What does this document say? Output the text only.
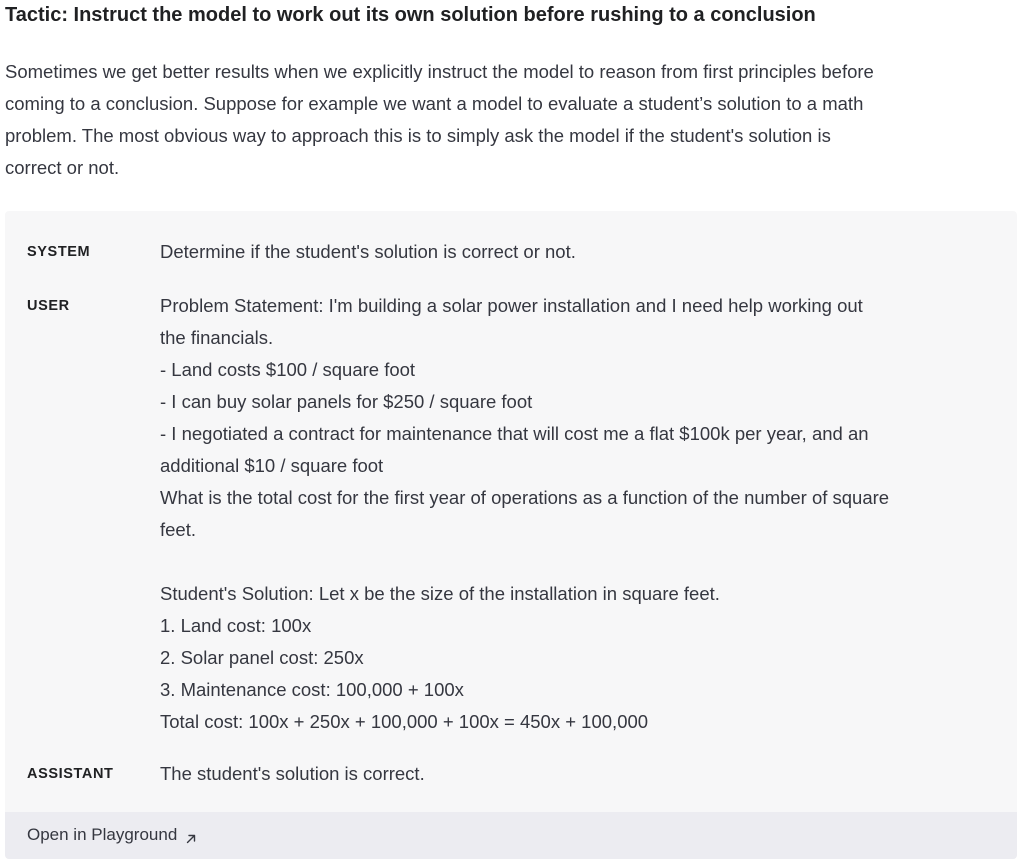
Tactic: Instruct the model to work out its own solution before rushing to a conclusion

Sometimes we get better results when we explicitly instruct the model to reason from first principles before
coming to a conclusion. Suppose for example we want a model to evaluate a student’s solution to a math
problem. The most obvious way to approach this is to simply ask the model if the student's solution is
correct or not.

SYSTEM	Determine if the student's solution is correct or not.
USER	Problem Statement: I'm building a solar power installation and I need help working out
the financials.
- Land costs $100 / square foot
- I can buy solar panels for $250 / square foot
- I negotiated a contract for maintenance that will cost me a flat $100k per year, and an
additional $10 / square foot
What is the total cost for the first year of operations as a function of the number of square
feet.
Student's Solution: Let x be the size of the installation in square feet.
1. Land cost: 100x
2. Solar panel cost: 250x
3. Maintenance cost: 100,000 + 100x
Total cost: 100x + 250x + 100,000 + 100x = 450x + 100,000
ASSISTANT	The student's solution is correct.
Open in Playground
